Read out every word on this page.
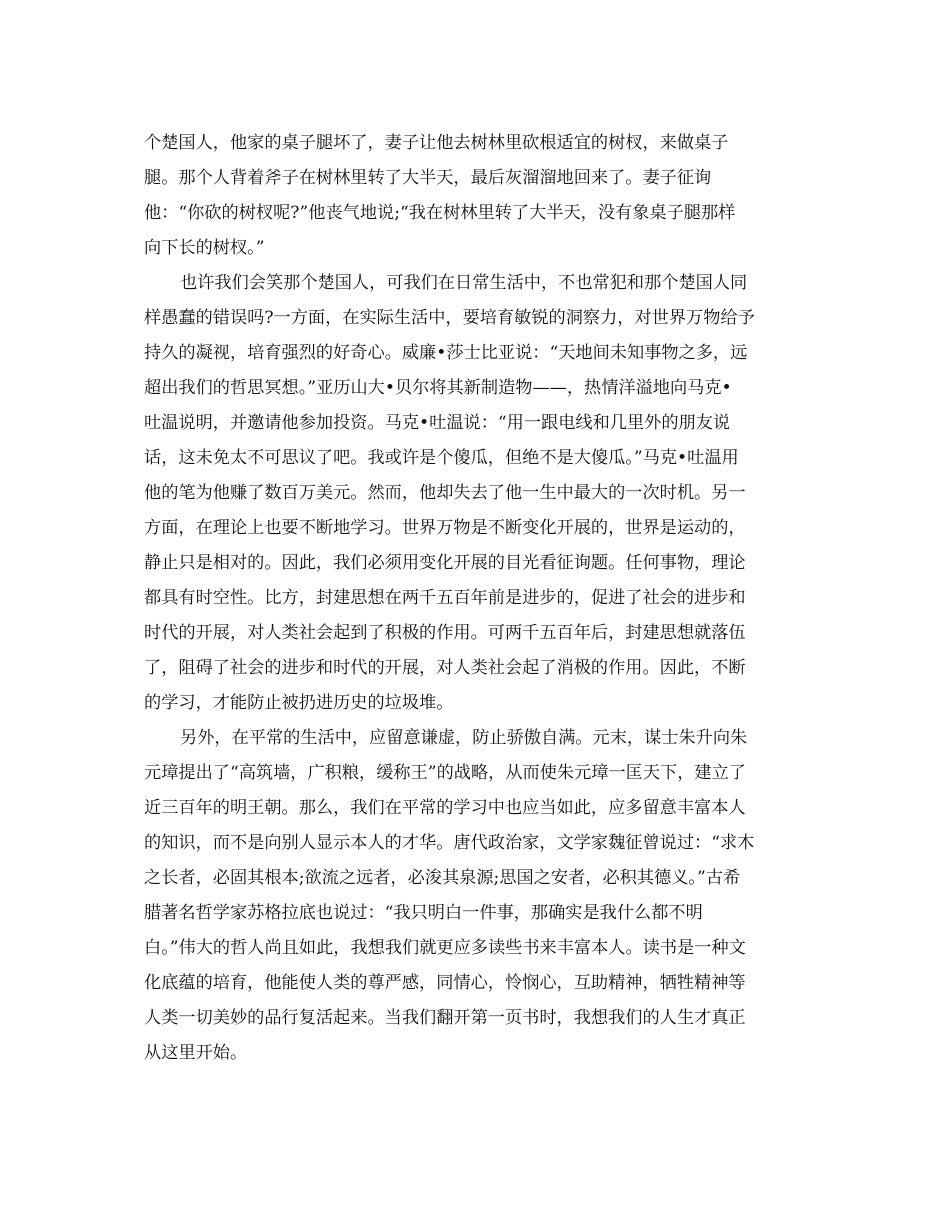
个楚国人，他家的桌子腿坏了，妻子让他去树林里砍根适宜的树杈，来做桌子
腿。那个人背着斧子在树林里转了大半天，最后灰溜溜地回来了。妻子征询
他：“你砍的树杈呢?”他丧气地说;“我在树林里转了大半天，没有象桌子腿那样
向下长的树杈。”
也许我们会笑那个楚国人，可我们在日常生活中，不也常犯和那个楚国人同
样愚蠢的错误吗?一方面，在实际生活中，要培育敏锐的洞察力，对世界万物给予
持久的凝视，培育强烈的好奇心。威廉•莎士比亚说：“天地间未知事物之多，远
超出我们的哲思冥想。”亚历山大•贝尔将其新制造物——，热情洋溢地向马克•
吐温说明，并邀请他参加投资。马克•吐温说：“用一跟电线和几里外的朋友说
话，这未免太不可思议了吧。我或许是个傻瓜，但绝不是大傻瓜。”马克•吐温用
他的笔为他赚了数百万美元。然而，他却失去了他一生中最大的一次时机。另一
方面，在理论上也要不断地学习。世界万物是不断变化开展的，世界是运动的，
静止只是相对的。因此，我们必须用变化开展的目光看征询题。任何事物，理论
都具有时空性。比方，封建思想在两千五百年前是进步的，促进了社会的进步和
时代的开展，对人类社会起到了积极的作用。可两千五百年后，封建思想就落伍
了，阻碍了社会的进步和时代的开展，对人类社会起了消极的作用。因此，不断
的学习，才能防止被扔进历史的垃圾堆。
另外，在平常的生活中，应留意谦虚，防止骄傲自满。元末，谋士朱升向朱
元璋提出了“高筑墙，广积粮，缓称王”的战略，从而使朱元璋一匡天下，建立了
近三百年的明王朝。那么，我们在平常的学习中也应当如此，应多留意丰富本人
的知识，而不是向别人显示本人的才华。唐代政治家，文学家魏征曾说过：“求木
之长者，必固其根本;欲流之远者，必浚其泉源;思国之安者，必积其德义。”古希
腊著名哲学家苏格拉底也说过：“我只明白一件事，那确实是我什么都不明
白。”伟大的哲人尚且如此，我想我们就更应多读些书来丰富本人。读书是一种文
化底蕴的培育，他能使人类的尊严感，同情心，怜悯心，互助精神，牺牲精神等
人类一切美妙的品行复活起来。当我们翻开第一页书时，我想我们的人生才真正
从这里开始。
